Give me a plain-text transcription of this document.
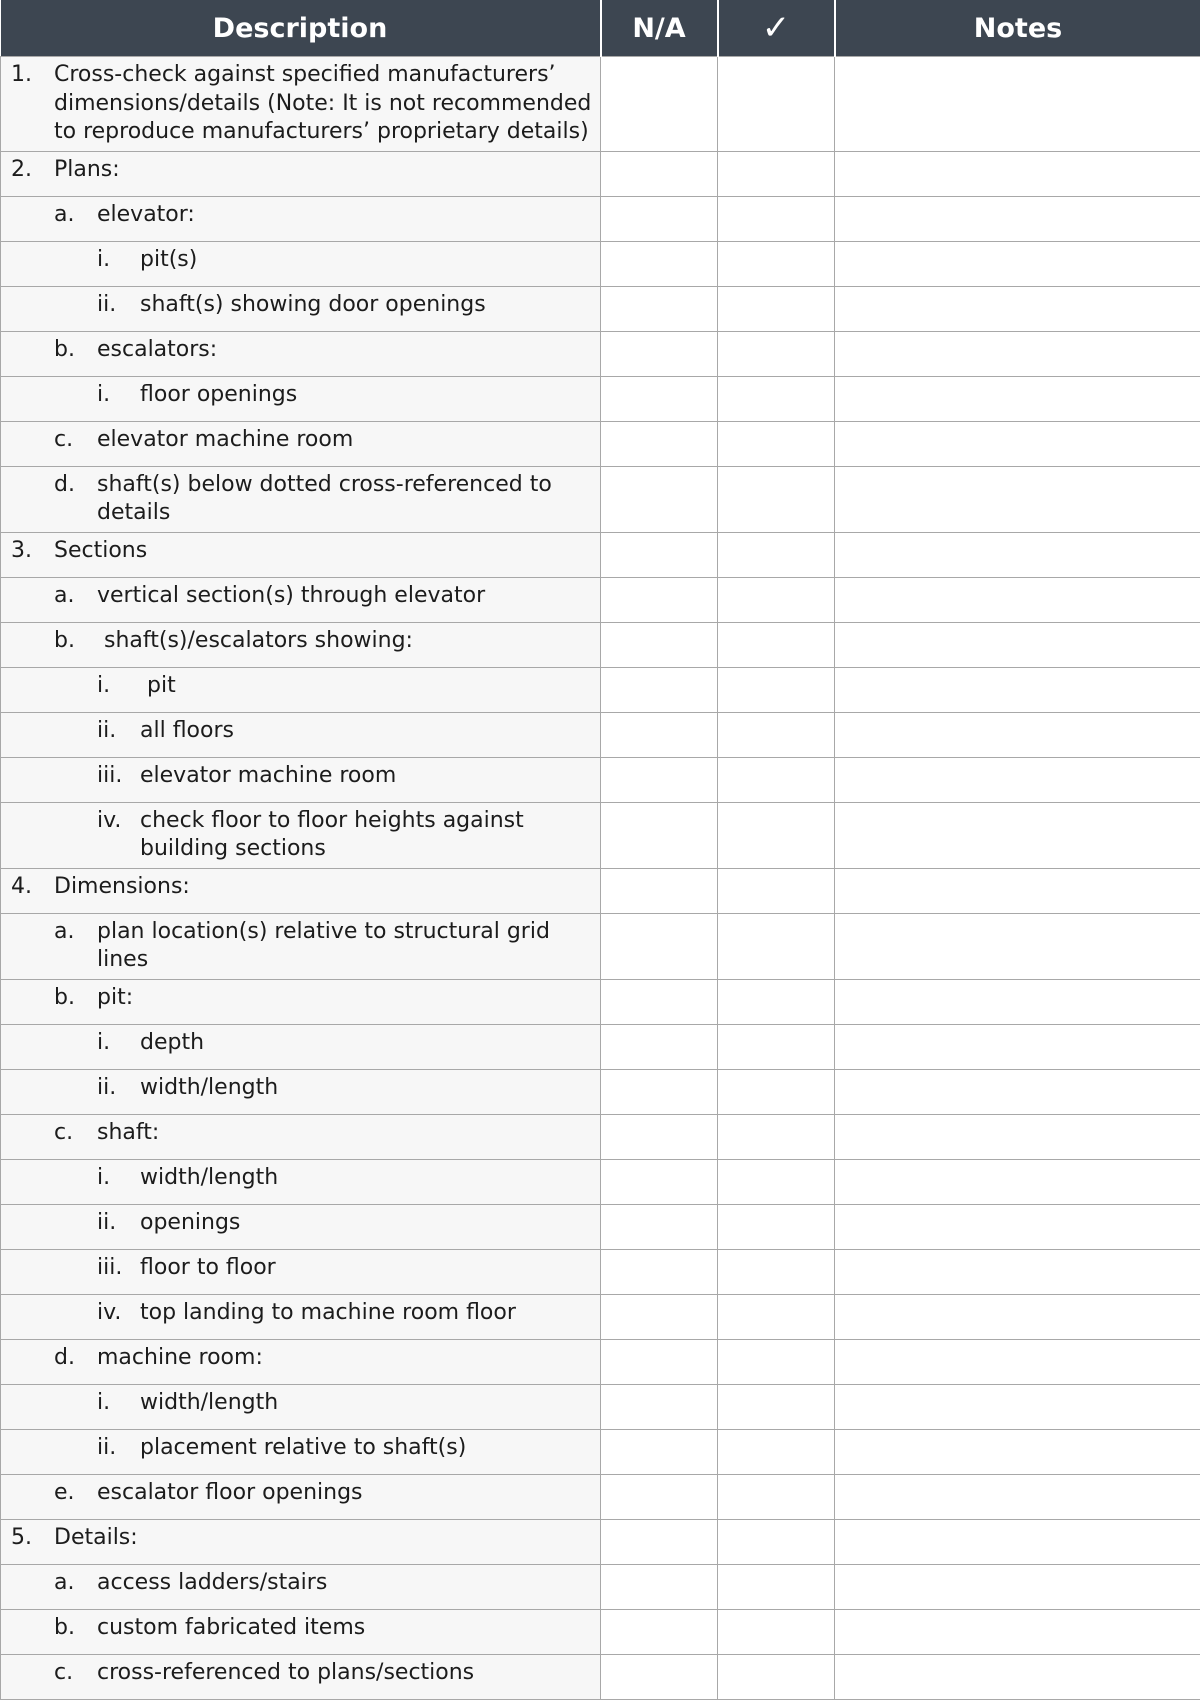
Description	N/A	✓	Notes

1. Cross-check against specified manufacturers’ dimensions/details (Note: It is not recommended to reproduce manufacturers’ proprietary details)			

2. Plans:			

a. elevator:			

i. pit(s)			

ii. shaft(s) showing door openings			

b. escalators:			

i. floor openings			

c. elevator machine room			

d. shaft(s) below dotted cross-referenced to details			

3. Sections			

a. vertical section(s) through elevator			

b. shaft(s)/escalators showing:			

i. pit			

ii. all floors			

iii. elevator machine room			

iv. check floor to floor heights against building sections			

4. Dimensions:			

a. plan location(s) relative to structural grid lines			

b. pit:			

i. depth			

ii. width/length			

c. shaft:			

i. width/length			

ii. openings			

iii. floor to floor			

iv. top landing to machine room floor			

d. machine room:			

i. width/length			

ii. placement relative to shaft(s)			

e. escalator floor openings			

5. Details:			

a. access ladders/stairs			

b. custom fabricated items			

c. cross-referenced to plans/sections			
